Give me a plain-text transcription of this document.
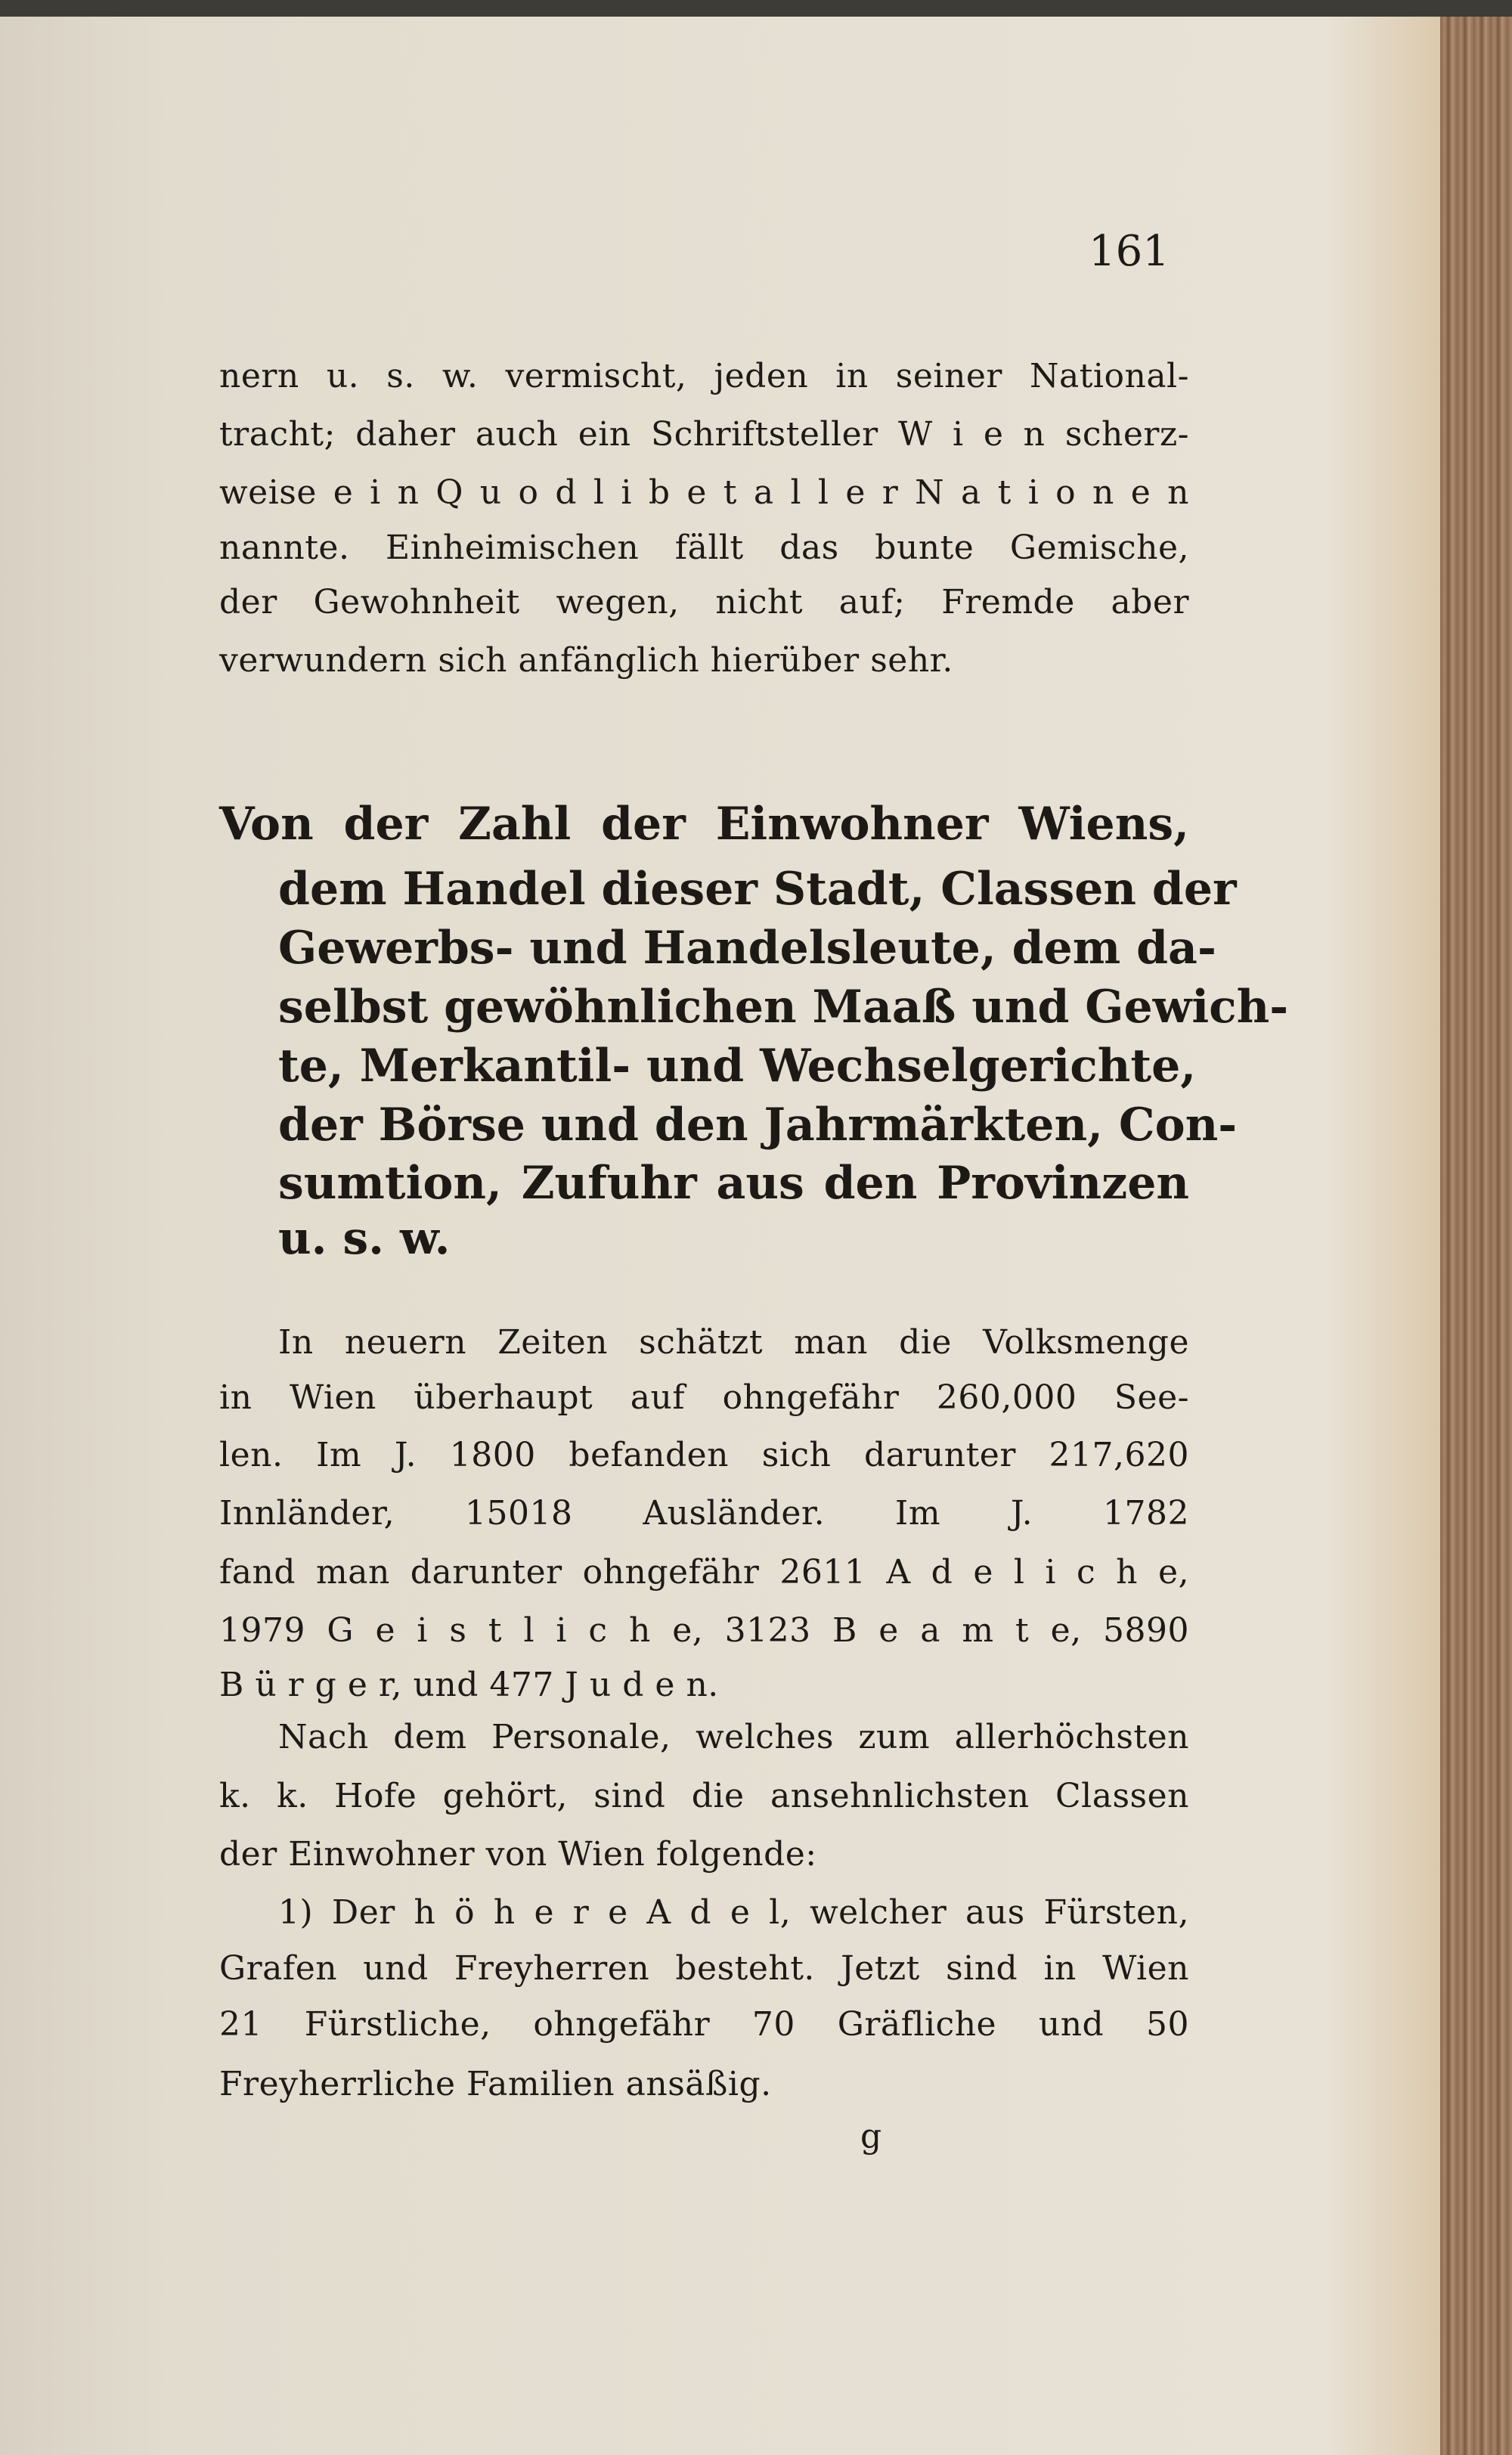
161
nern u. s. w. vermischt, jeden in seiner National-
tracht; daher auch ein Schriftsteller W i e n scherz-
weise e i n Q u o d l i b e t a l l e r N a t i o n e n
nannte. Einheimischen fällt das bunte Gemische,
der Gewohnheit wegen, nicht auf; Fremde aber
verwundern sich anfänglich hierüber sehr.
Von der Zahl der Einwohner Wiens,
dem Handel dieser Stadt, Classen der
Gewerbs- und Handelsleute, dem da-
selbst gewöhnlichen Maaß und Gewich-
te, Merkantil- und Wechselgerichte,
der Börse und den Jahrmärkten, Con-
sumtion, Zufuhr aus den Provinzen
u. s. w.
In neuern Zeiten schätzt man die Volksmenge
in Wien überhaupt auf ohngefähr 260,000 See-
len. Im J. 1800 befanden sich darunter 217,620
Innländer, 15018 Ausländer. Im J. 1782
fand man darunter ohngefähr 2611 A d e l i c h e,
1979 G e i s t l i c h e, 3123 B e a m t e, 5890
B ü r g e r, und 477 J u d e n.
Nach dem Personale, welches zum allerhöchsten
k. k. Hofe gehört, sind die ansehnlichsten Classen
der Einwohner von Wien folgende:
1) Der h ö h e r e A d e l, welcher aus Fürsten,
Grafen und Freyherren besteht. Jetzt sind in Wien
21 Fürstliche, ohngefähr 70 Gräfliche und 50
Freyherrliche Familien ansäßig.
g
